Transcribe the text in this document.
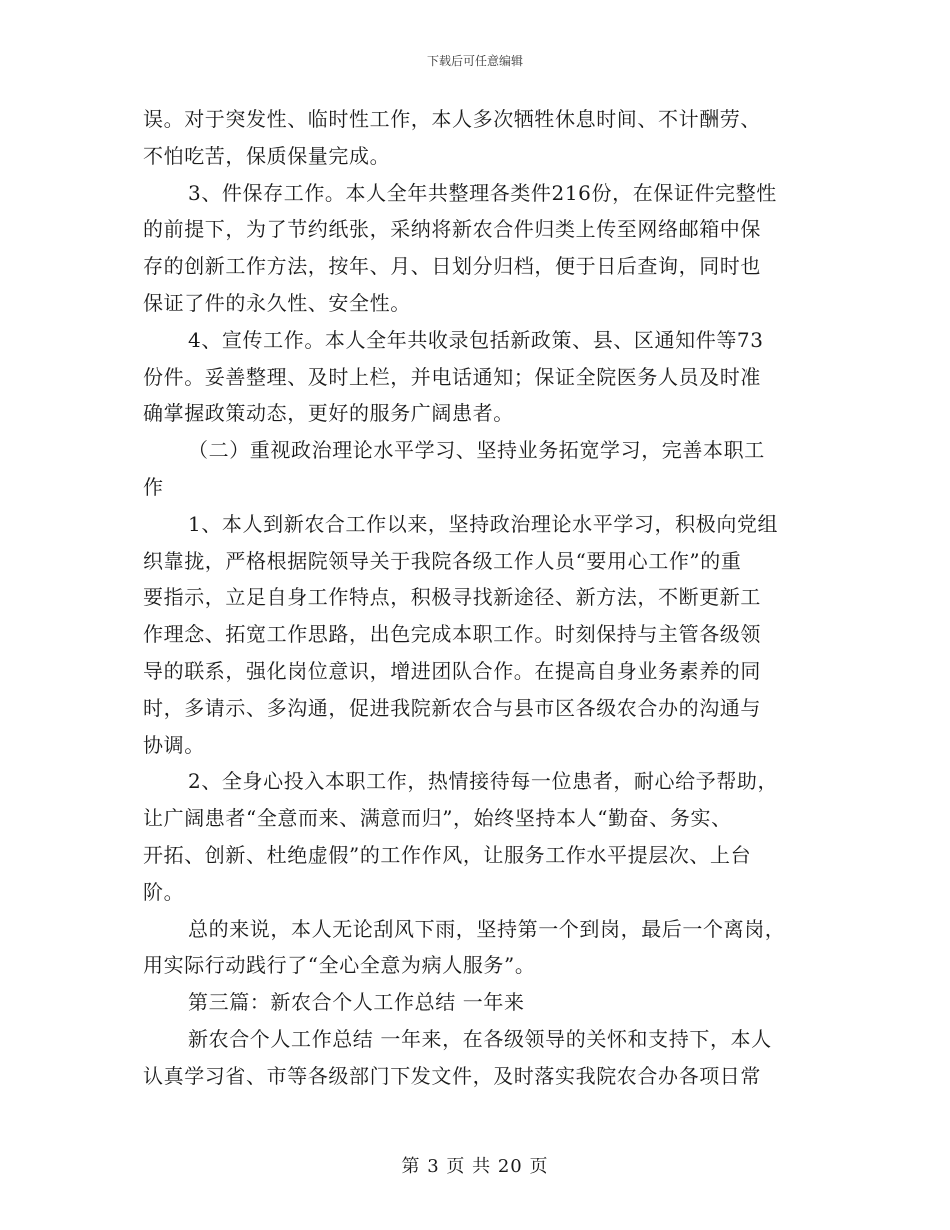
下载后可任意编辑
误。对于突发性、临时性工作，本人多次牺牲休息时间、不计酬劳、
不怕吃苦，保质保量完成。
3、件保存工作。本人全年共整理各类件216份，在保证件完整性
的前提下，为了节约纸张，采纳将新农合件归类上传至网络邮箱中保
存的创新工作方法，按年、月、日划分归档，便于日后查询，同时也
保证了件的永久性、安全性。
4、宣传工作。本人全年共收录包括新政策、县、区通知件等73
份件。妥善整理、及时上栏，并电话通知；保证全院医务人员及时准
确掌握政策动态，更好的服务广阔患者。
（二）重视政治理论水平学习、坚持业务拓宽学习，完善本职工
作
1、本人到新农合工作以来，坚持政治理论水平学习，积极向党组
织靠拢，严格根据院领导关于我院各级工作人员“要用心工作”的重
要指示，立足自身工作特点，积极寻找新途径、新方法，不断更新工
作理念、拓宽工作思路，出色完成本职工作。时刻保持与主管各级领
导的联系，强化岗位意识，增进团队合作。在提高自身业务素养的同
时，多请示、多沟通，促进我院新农合与县市区各级农合办的沟通与
协调。
2、全身心投入本职工作，热情接待每一位患者，耐心给予帮助，
让广阔患者“全意而来、满意而归”，始终坚持本人“勤奋、务实、
开拓、创新、杜绝虚假”的工作作风，让服务工作水平提层次、上台
阶。
总的来说，本人无论刮风下雨，坚持第一个到岗，最后一个离岗，
用实际行动践行了“全心全意为病人服务”。
第三篇：新农合个人工作总结 一年来
新农合个人工作总结 一年来，在各级领导的关怀和支持下，本人
认真学习省、市等各级部门下发文件，及时落实我院农合办各项日常
第 3 页 共 20 页
